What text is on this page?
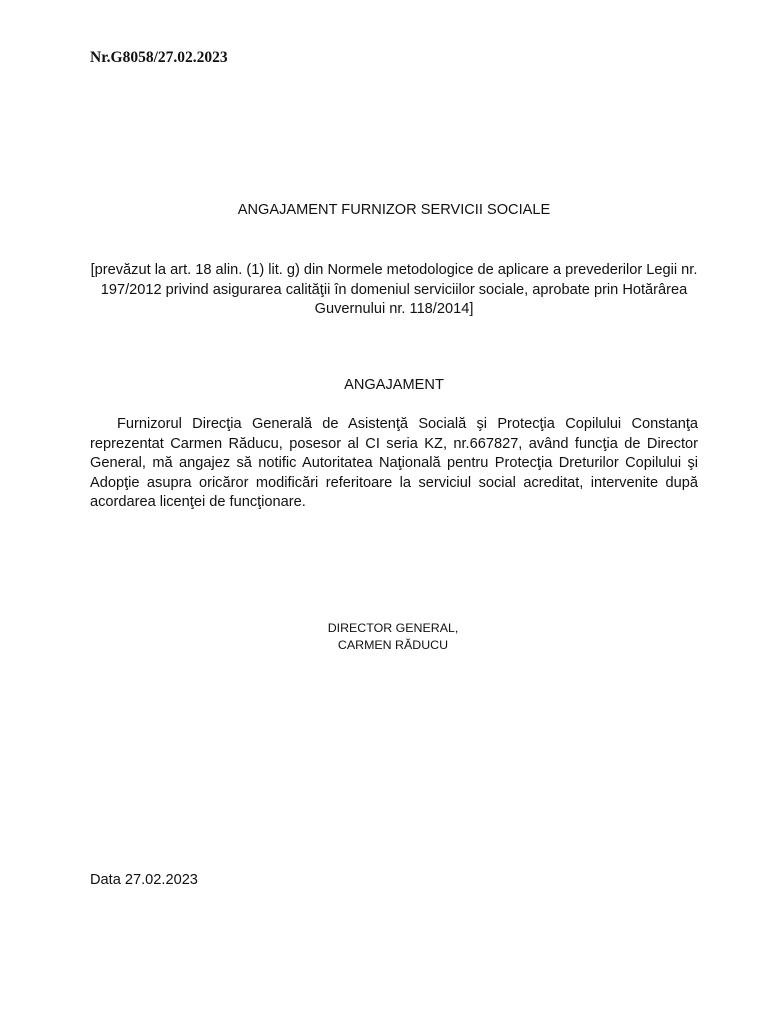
Nr.G8058/27.02.2023
ANGAJAMENT FURNIZOR SERVICII SOCIALE
[prevăzut la art. 18 alin. (1) lit. g) din Normele metodologice de aplicare a prevederilor Legii nr. 197/2012 privind asigurarea calităţii în domeniul serviciilor sociale, aprobate prin Hotărârea Guvernului nr. 118/2014]
ANGAJAMENT
Furnizorul Direcţia Generală de Asistenţă Socială şi Protecţia Copilului Constanţa reprezentat Carmen Răducu, posesor al CI seria KZ, nr.667827, având funcţia de Director General, mă angajez să notific Autoritatea Naţională pentru Protecţia Dreturilor Copilului şi Adopţie asupra oricăror modificări referitoare la serviciul social acreditat, intervenite după acordarea licenţei de funcţionare.
DIRECTOR GENERAL,
CARMEN RĂDUCU
Data 27.02.2023
